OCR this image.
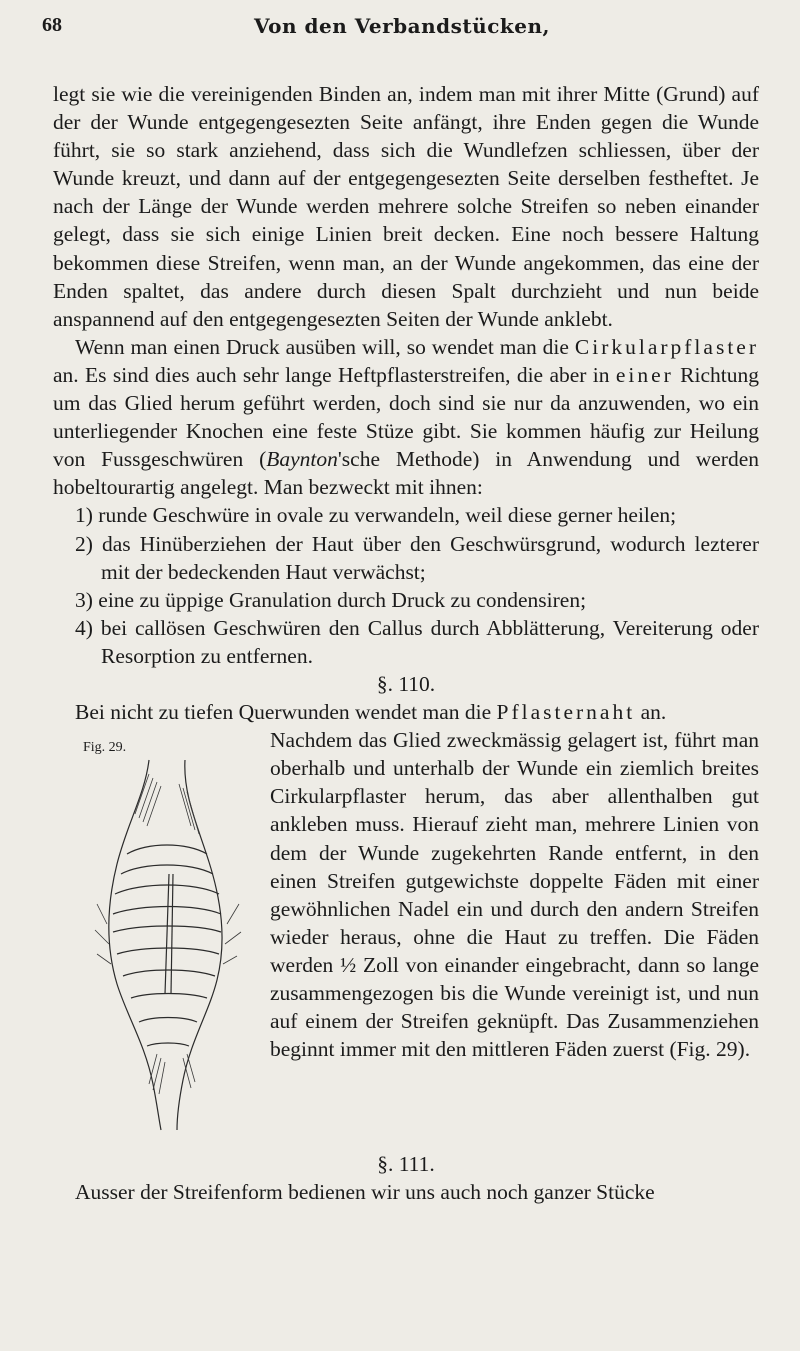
68	Von den Verbandstücken,

legt sie wie die vereinigenden Binden an, indem man mit ihrer Mitte (Grund) auf der der Wunde entgegengesezten Seite anfängt, ihre Enden gegen die Wunde führt, sie so stark anziehend, dass sich die Wundlefzen schliessen, über der Wunde kreuzt, und dann auf der entgegengesezten Seite derselben festheftet. Je nach der Länge der Wunde werden mehrere solche Streifen so neben einander gelegt, dass sie sich einige Linien breit decken. Eine noch bessere Haltung bekommen diese Streifen, wenn man, an der Wunde angekommen, das eine der Enden spaltet, das andere durch diesen Spalt durchzieht und nun beide anspannend auf den entgegengesezten Seiten der Wunde anklebt.

Wenn man einen Druck ausüben will, so wendet man die Cirkularpflaster an. Es sind dies auch sehr lange Heftpflasterstreifen, die aber in einer Richtung um das Glied herum geführt werden, doch sind sie nur da anzuwenden, wo ein unterliegender Knochen eine feste Stüze gibt. Sie kommen häufig zur Heilung von Fussgeschwüren (Baynton'sche Methode) in Anwendung und werden hobeltourartig angelegt. Man bezweckt mit ihnen:

1) runde Geschwüre in ovale zu verwandeln, weil diese gerner heilen;
2) das Hinüberziehen der Haut über den Geschwürsgrund, wodurch lezterer mit der bedeckenden Haut verwächst;
3) eine zu üppige Granulation durch Druck zu condensiren;
4) bei callösen Geschwüren den Callus durch Abblätterung, Vereiterung oder Resorption zu entfernen.

§. 110.

Bei nicht zu tiefen Querwunden wendet man die Pflasternaht an.

Fig. 29.	Nachdem das Glied zweckmässig gelagert ist, führt man oberhalb und unterhalb der Wunde ein ziemlich breites Cirkularpflaster herum, das aber allenthalben gut ankleben muss. Hierauf zieht man, mehrere Linien von dem der Wunde zugekehrten Rande entfernt, in den einen Streifen gutgewichste doppelte Fäden mit einer gewöhnlichen Nadel ein und durch den andern Streifen wieder heraus, ohne die Haut zu treffen. Die Fäden werden ½ Zoll von einander eingebracht, dann so lange zusammengezogen bis die Wunde vereinigt ist, und nun auf einem der Streifen geknüpft. Das Zusammenziehen beginnt immer mit den mittleren Fäden zuerst (Fig. 29).

§. 111.

Ausser der Streifenform bedienen wir uns auch noch ganzer Stücke
